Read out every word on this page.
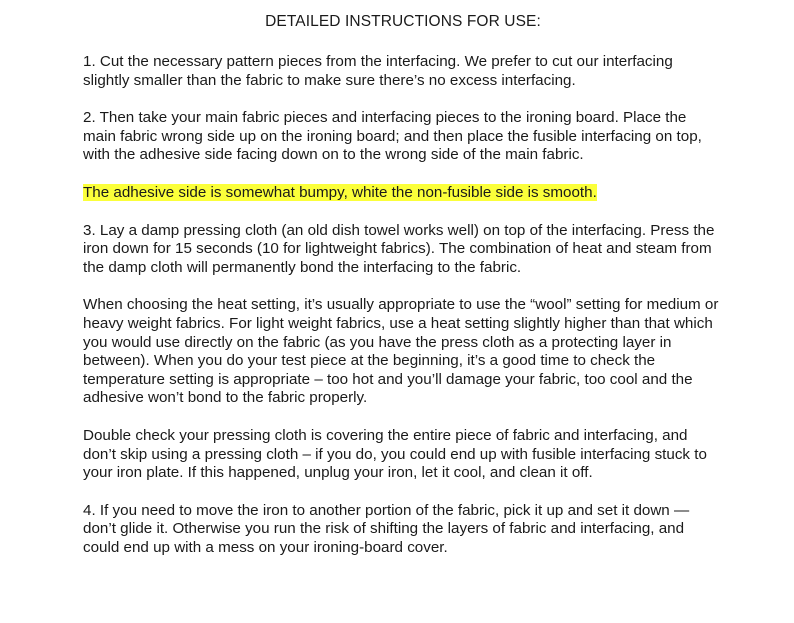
DETAILED INSTRUCTIONS FOR USE:

1. Cut the necessary pattern pieces from the interfacing. We prefer to cut our interfacing slightly smaller than the fabric to make sure there’s no excess interfacing.

2. Then take your main fabric pieces and interfacing pieces to the ironing board. Place the main fabric wrong side up on the ironing board; and then place the fusible interfacing on top, with the adhesive side facing down on to the wrong side of the main fabric.

The adhesive side is somewhat bumpy, white the non-fusible side is smooth.

3. Lay a damp pressing cloth (an old dish towel works well) on top of the interfacing. Press the iron down for 15 seconds (10 for lightweight fabrics). The combination of heat and steam from the damp cloth will permanently bond the interfacing to the fabric.

When choosing the heat setting, it’s usually appropriate to use the “wool” setting for medium or heavy weight fabrics. For light weight fabrics, use a heat setting slightly higher than that which you would use directly on the fabric (as you have the press cloth as a protecting layer in between). When you do your test piece at the beginning, it’s a good time to check the temperature setting is appropriate – too hot and you’ll damage your fabric, too cool and the adhesive won’t bond to the fabric properly.

Double check your pressing cloth is covering the entire piece of fabric and interfacing, and don’t skip using a pressing cloth – if you do, you could end up with fusible interfacing stuck to your iron plate. If this happened, unplug your iron, let it cool, and clean it off.

4. If you need to move the iron to another portion of the fabric, pick it up and set it down — don’t glide it. Otherwise you run the risk of shifting the layers of fabric and interfacing, and could end up with a mess on your ironing-board cover.
